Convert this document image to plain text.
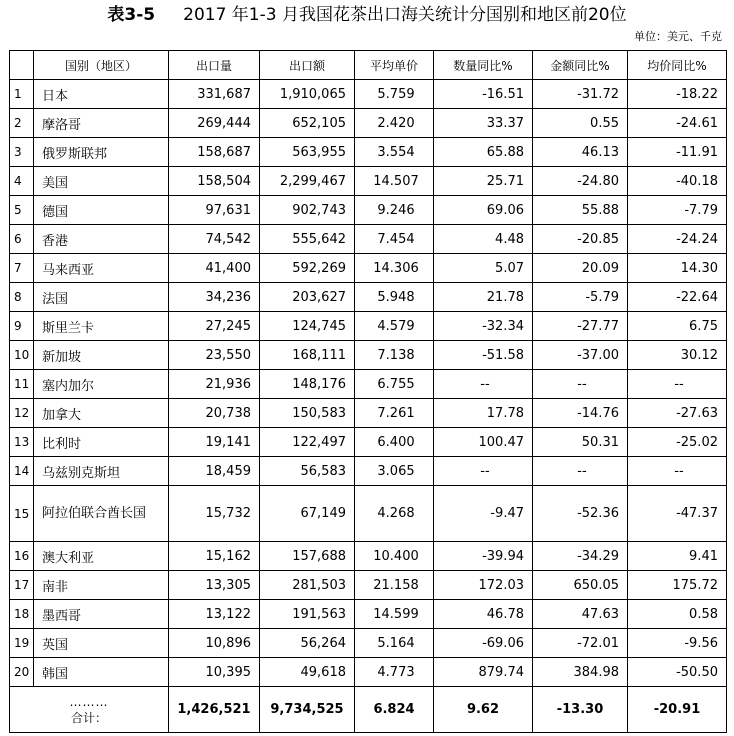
表3-5 2017 年1-3 月我国花茶出口海关统计分国别和地区前20位
单位：美元、千克
	国别（地区）	出口量	出口额	平均单价	数量同比%	金额同比%	均价同比%
1	日本	331,687	1,910,065	5.759	-16.51	-31.72	-18.22
2	摩洛哥	269,444	652,105	2.420	33.37	0.55	-24.61
3	俄罗斯联邦	158,687	563,955	3.554	65.88	46.13	-11.91
4	美国	158,504	2,299,467	14.507	25.71	-24.80	-40.18
5	德国	97,631	902,743	9.246	69.06	55.88	-7.79
6	香港	74,542	555,642	7.454	4.48	-20.85	-24.24
7	马来西亚	41,400	592,269	14.306	5.07	20.09	14.30
8	法国	34,236	203,627	5.948	21.78	-5.79	-22.64
9	斯里兰卡	27,245	124,745	4.579	-32.34	-27.77	6.75
10	新加坡	23,550	168,111	7.138	-51.58	-37.00	30.12
11	塞内加尔	21,936	148,176	6.755	--	--	--
12	加拿大	20,738	150,583	7.261	17.78	-14.76	-27.63
13	比利时	19,141	122,497	6.400	100.47	50.31	-25.02
14	乌兹别克斯坦	18,459	56,583	3.065	--	--	--
15	阿拉伯联合酋长国	15,732	67,149	4.268	-9.47	-52.36	-47.37
16	澳大利亚	15,162	157,688	10.400	-39.94	-34.29	9.41
17	南非	13,305	281,503	21.158	172.03	650.05	175.72
18	墨西哥	13,122	191,563	14.599	46.78	47.63	0.58
19	英国	10,896	56,264	5.164	-69.06	-72.01	-9.56
20	韩国	10,395	49,618	4.773	879.74	384.98	-50.50

………
合计：		1,426,521	9,734,525	6.824	9.62	-13.30	-20.91
